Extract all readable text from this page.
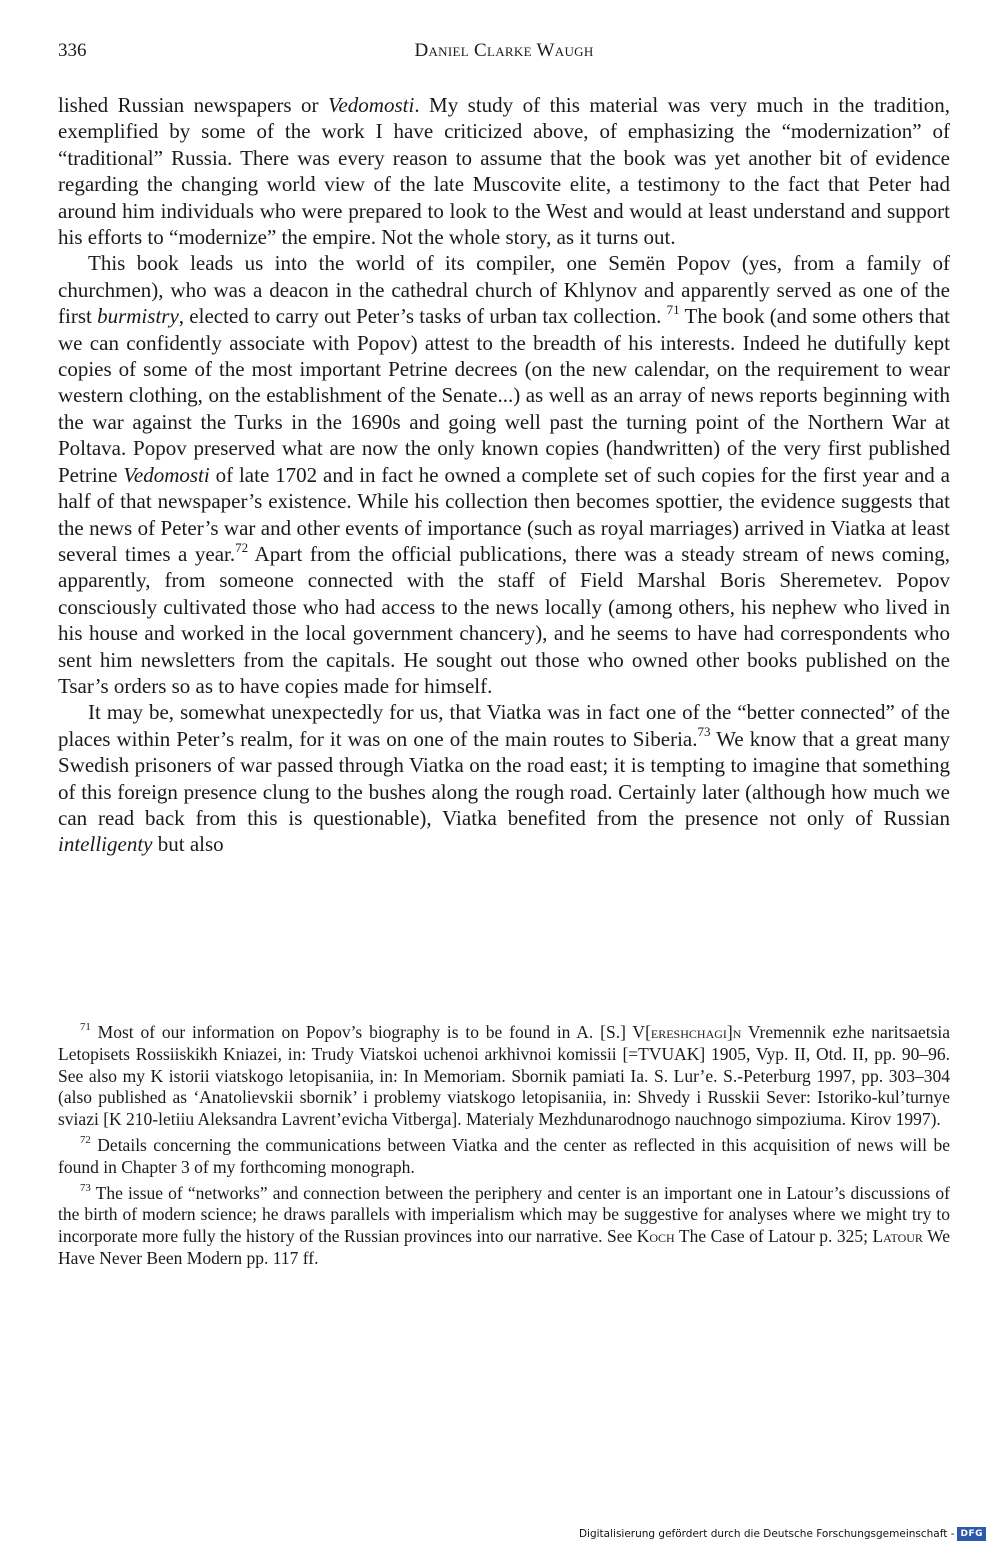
336	Daniel Clarke Waugh

lished Russian newspapers or Vedomosti. My study of this material was very much in the tradition, exemplified by some of the work I have criticized above, of emphasizing the “modernization” of “traditional” Russia. There was every reason to assume that the book was yet another bit of evidence regarding the changing world view of the late Muscovite elite, a testimony to the fact that Peter had around him individuals who were prepared to look to the West and would at least understand and support his efforts to “modernize” the empire. Not the whole story, as it turns out.

This book leads us into the world of its compiler, one Semën Popov (yes, from a family of churchmen), who was a deacon in the cathedral church of Khlynov and apparently served as one of the first burmistry, elected to carry out Peter’s tasks of urban tax collection. $^{71}$ The book (and some others that we can confidently associate with Popov) attest to the breadth of his interests. Indeed he dutifully kept copies of some of the most important Petrine decrees (on the new calendar, on the requirement to wear western clothing, on the establishment of the Senate...) as well as an array of news reports beginning with the war against the Turks in the 1690s and going well past the turning point of the Northern War at Poltava. Popov preserved what are now the only known copies (handwritten) of the very first published Petrine Vedomosti of late 1702 and in fact he owned a complete set of such copies for the first year and a half of that newspaper’s existence. While his collection then becomes spottier, the evidence suggests that the news of Peter’s war and other events of importance (such as royal marriages) arrived in Viatka at least several times a year.$^{72}$ Apart from the official publications, there was a steady stream of news coming, apparently, from someone connected with the staff of Field Marshal Boris Sheremetev. Popov consciously cultivated those who had access to the news locally (among others, his nephew who lived in his house and worked in the local government chancery), and he seems to have had correspondents who sent him newsletters from the capitals. He sought out those who owned other books published on the Tsar’s orders so as to have copies made for himself.

It may be, somewhat unexpectedly for us, that Viatka was in fact one of the “better connected” of the places within Peter’s realm, for it was on one of the main routes to Siberia.$^{73}$ We know that a great many Swedish prisoners of war passed through Viatka on the road east; it is tempting to imagine that something of this foreign presence clung to the bushes along the rough road. Certainly later (although how much we can read back from this is questionable), Viatka benefited from the presence not only of Russian intelligenty but also

$^{71}$ Most of our information on Popov’s biography is to be found in A. [S.] V[ereshchagi]n Vremennik ezhe naritsaetsia Letopisets Rossiiskikh Kniazei, in: Trudy Viatskoi uchenoi arkhivnoi komissii [=TVUAK] 1905, Vyp. II, Otd. II, pp. 90–96. See also my K istorii viatskogo letopisaniia, in: In Memoriam. Sbornik pamiati Ia. S. Lur’e. S.-Peterburg 1997, pp. 303–304 (also published as ‘Anatolievskii sbornik’ i problemy viatskogo letopisaniia, in: Shvedy i Russkii Sever: Istoriko-kul’turnye sviazi [K 210-letiiu Aleksandra Lavrent’evicha Vitberga]. Materialy Mezhdunarodnogo nauchnogo simpoziuma. Kirov 1997).

$^{72}$ Details concerning the communications between Viatka and the center as reflected in this acquisition of news will be found in Chapter 3 of my forthcoming monograph.

$^{73}$ The issue of “networks” and connection between the periphery and center is an important one in Latour’s discussions of the birth of modern science; he draws parallels with imperialism which may be suggestive for analyses where we might try to incorporate more fully the history of the Russian provinces into our narrative. See Koch The Case of Latour p. 325; Latour We Have Never Been Modern pp. 117 ff.

Digitalisierung gefördert durch die Deutsche Forschungsgemeinschaft - DFG
